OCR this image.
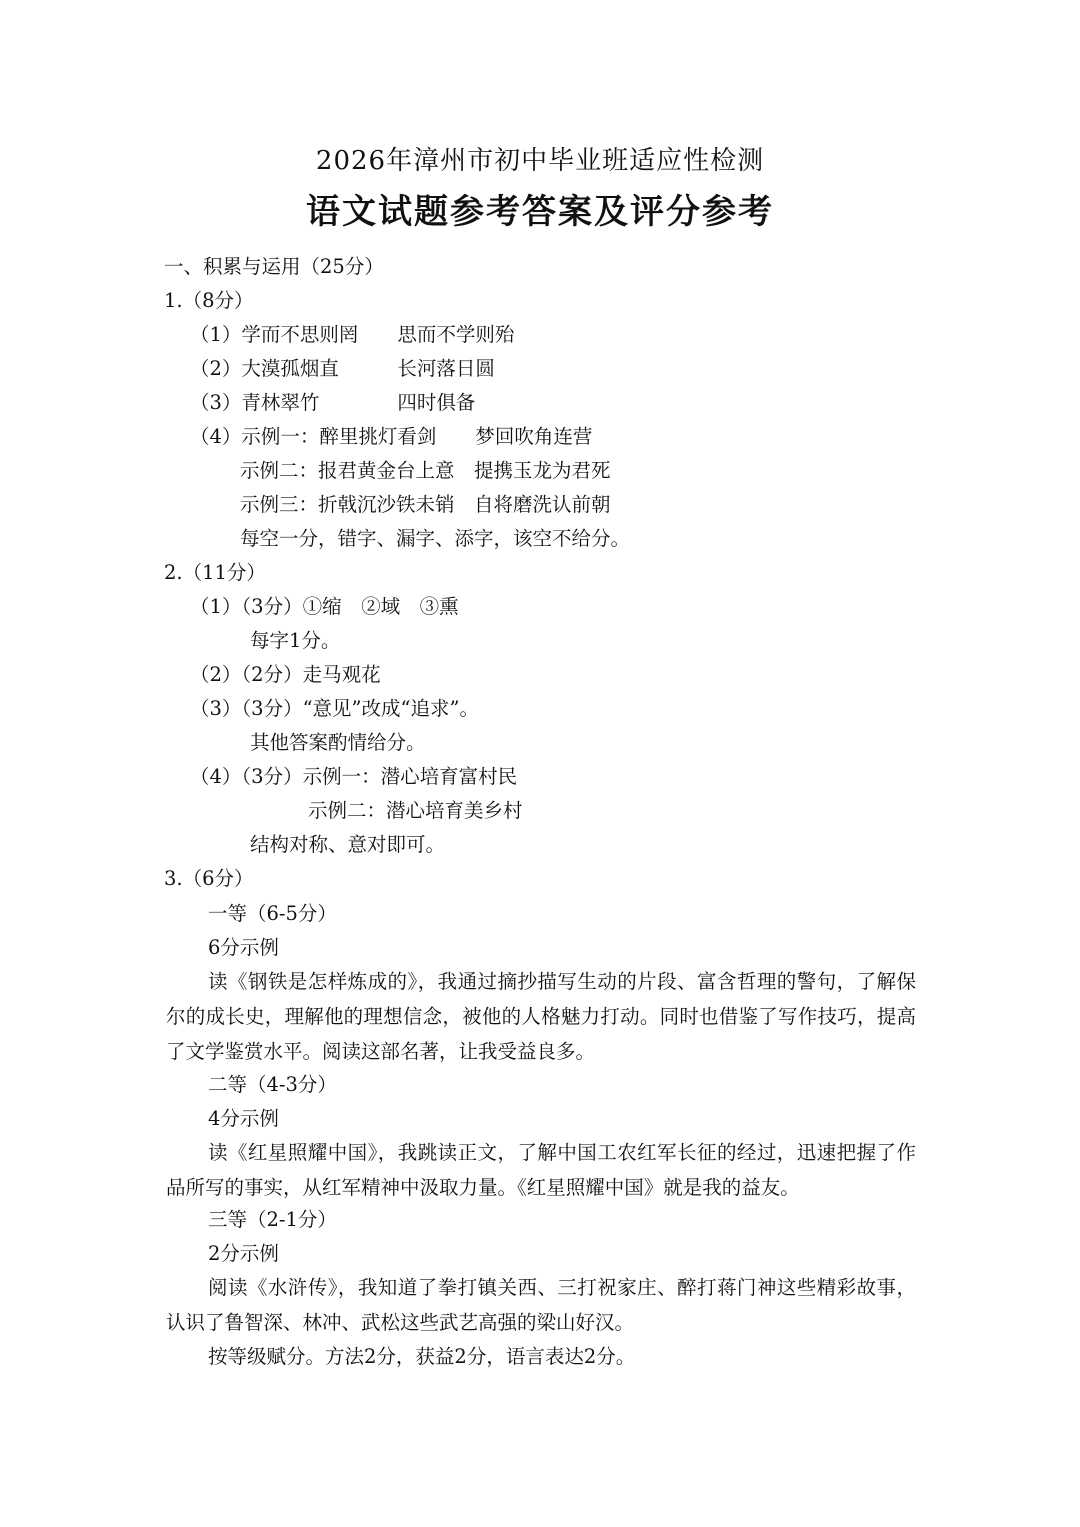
2026年漳州市初中毕业班适应性检测
语文试题参考答案及评分参考
一、积累与运用（25分）
1.（8分）
（1）学而不思则罔　　思而不学则殆
（2）大漠孤烟直　　　长河落日圆
（3）青林翠竹　　　　四时俱备
（4）示例一：醉里挑灯看剑　　梦回吹角连营
示例二：报君黄金台上意　提携玉龙为君死
示例三：折戟沉沙铁未销　自将磨洗认前朝
每空一分，错字、漏字、添字，该空不给分。
2.（11分）
（1）（3分）①缩　②域　③熏
每字1分。
（2）（2分）走马观花
（3）（3分）“意见”改成“追求”。
其他答案酌情给分。
（4）（3分）示例一：潜心培育富村民
示例二：潜心培育美乡村
结构对称、意对即可。
3.（6分）
一等（6-5分）
6分示例
读《钢铁是怎样炼成的》，我通过摘抄描写生动的片段、富含哲理的警句，了解保尔的成长史，理解他的理想信念，被他的人格魅力打动。同时也借鉴了写作技巧，提高了文学鉴赏水平。阅读这部名著，让我受益良多。
二等（4-3分）
4分示例
读《红星照耀中国》，我跳读正文，了解中国工农红军长征的经过，迅速把握了作品所写的事实，从红军精神中汲取力量。《红星照耀中国》就是我的益友。
三等（2-1分）
2分示例
阅读《水浒传》，我知道了拳打镇关西、三打祝家庄、醉打蒋门神这些精彩故事，认识了鲁智深、林冲、武松这些武艺高强的梁山好汉。
按等级赋分。方法2分，获益2分，语言表达2分。
